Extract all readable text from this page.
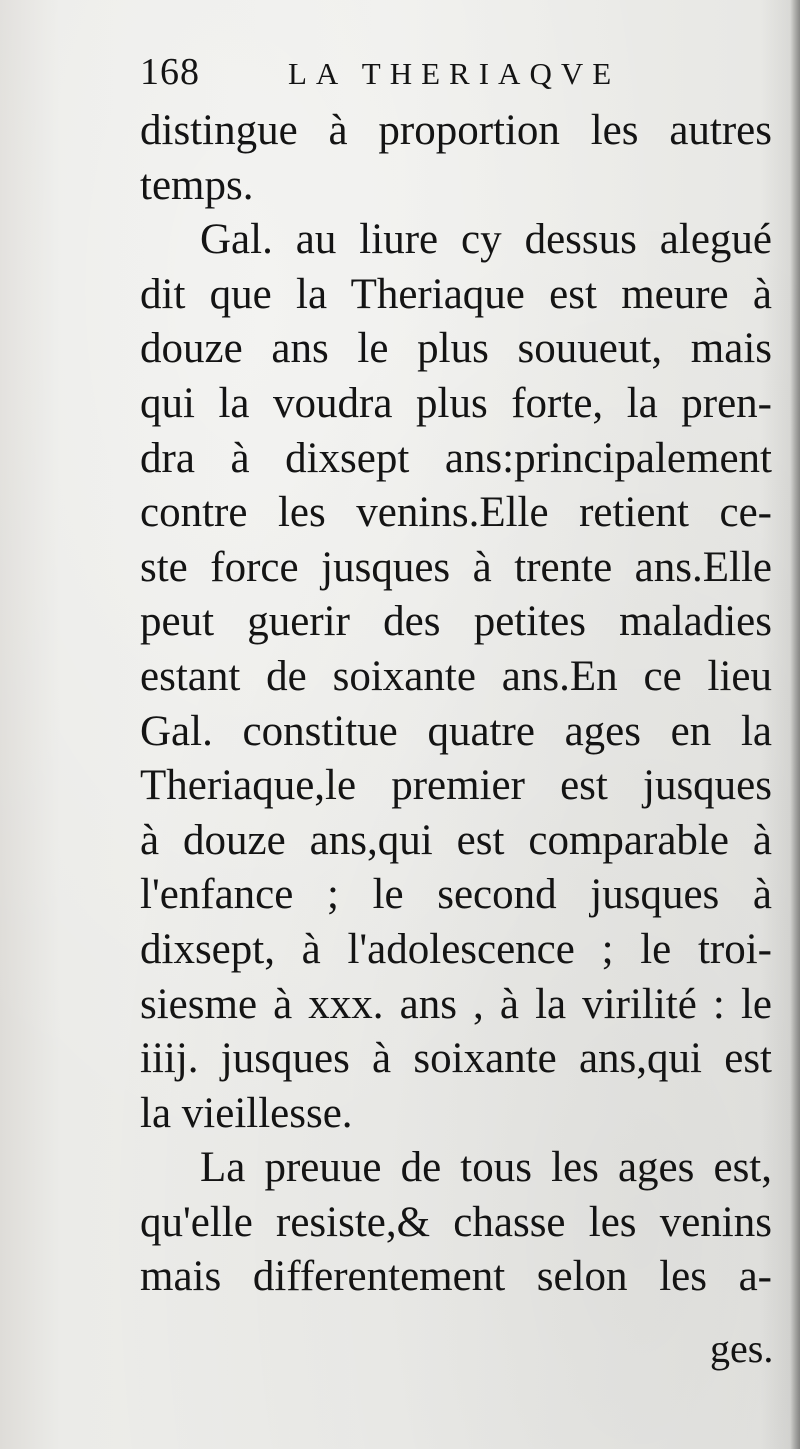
168	LA THERIAQVE
distingue à proportion les autres
temps.
Gal. au liure cy dessus alegué
dit que la Theriaque est meure à
douze ans le plus souueut, mais
qui la voudra plus forte, la pren-
dra à dixsept ans:principalement
contre les venins.Elle retient ce-
ste force jusques à trente ans.Elle
peut guerir des petites maladies
estant de soixante ans.En ce lieu
Gal. constitue quatre ages en la
Theriaque,le premier est jusques
à douze ans,qui est comparable à
l'enfance ; le second jusques à
dixsept, à l'adolescence ; le troi-
siesme à xxx. ans , à la virilité : le
iiij. jusques à soixante ans,qui est
la vieillesse.
La preuue de tous les ages est,
qu'elle resiste,& chasse les venins
mais differentement selon les a-
ges.
